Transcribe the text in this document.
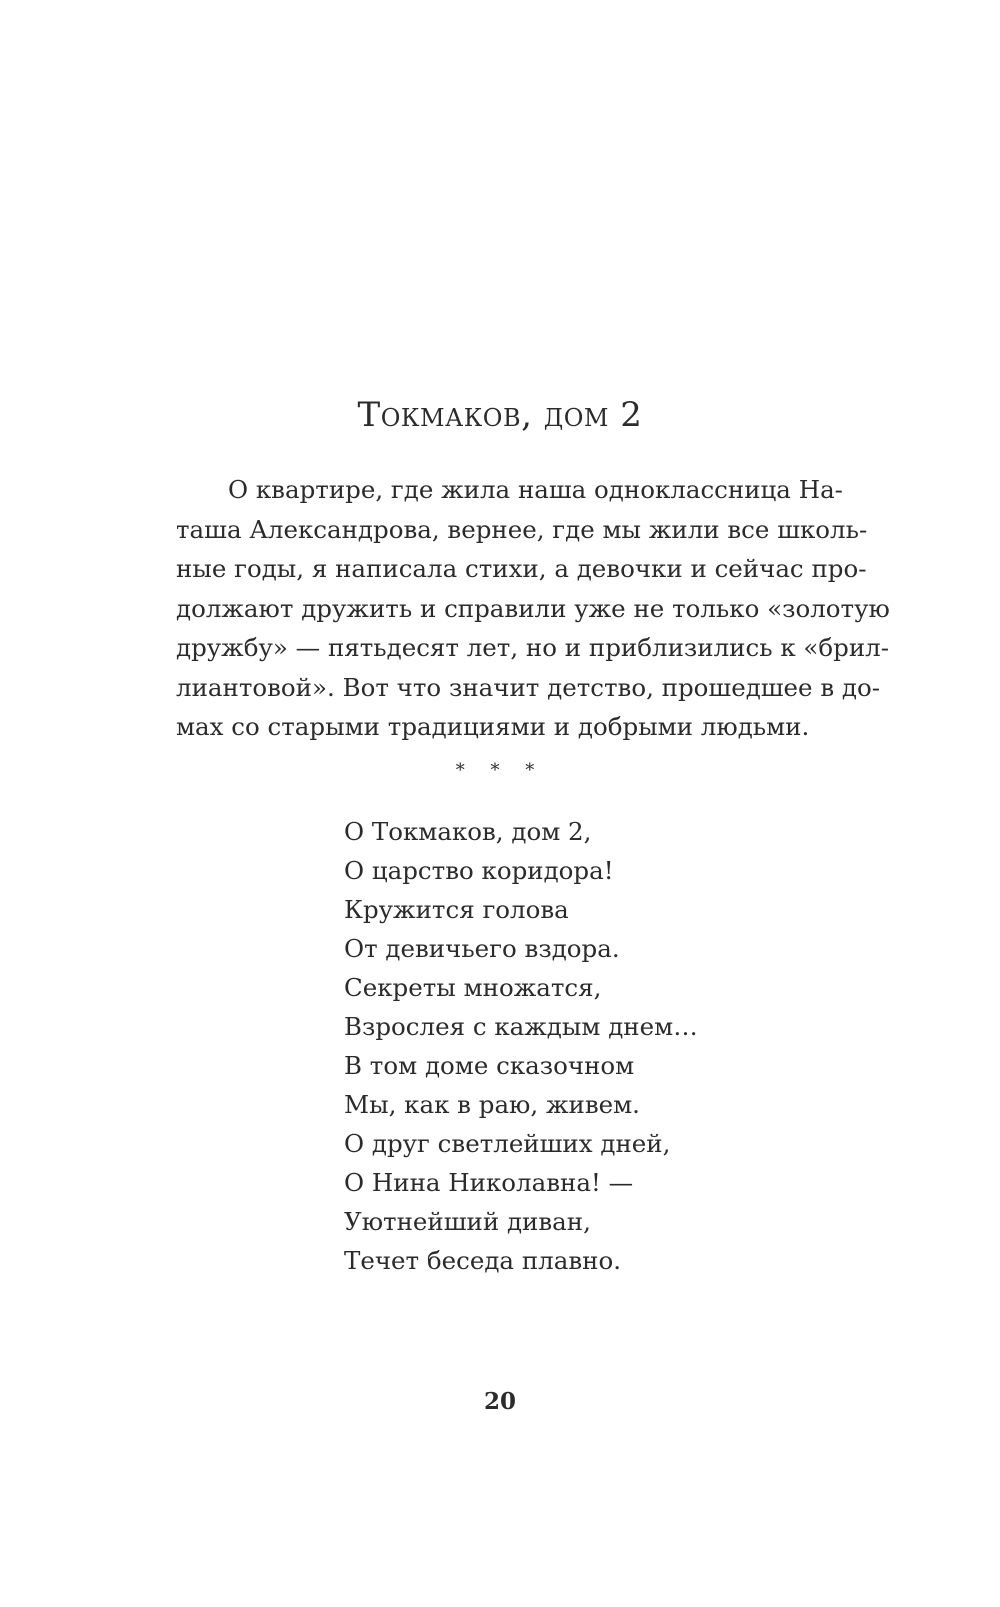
Токмаков, дом 2
О квартире, где жила наша одноклассница На-
таша Александрова, вернее, где мы жили все школь-
ные годы, я написала стихи, а девочки и сейчас про-
должают дружить и справили уже не только «золотую
дружбу» — пятьдесят лет, но и приблизились к «брил-
лиантовой». Вот что значит детство, прошедшее в до-
мах со старыми традициями и добрыми людьми.
* * *
О Токмаков, дом 2,
О царство коридора!
Кружится голова
От девичьего вздора.
Секреты множатся,
Взрослея с каждым днем…
В том доме сказочном
Мы, как в раю, живем.
О друг светлейших дней,
О Нина Николавна! —
Уютнейший диван,
Течет беседа плавно.
20
